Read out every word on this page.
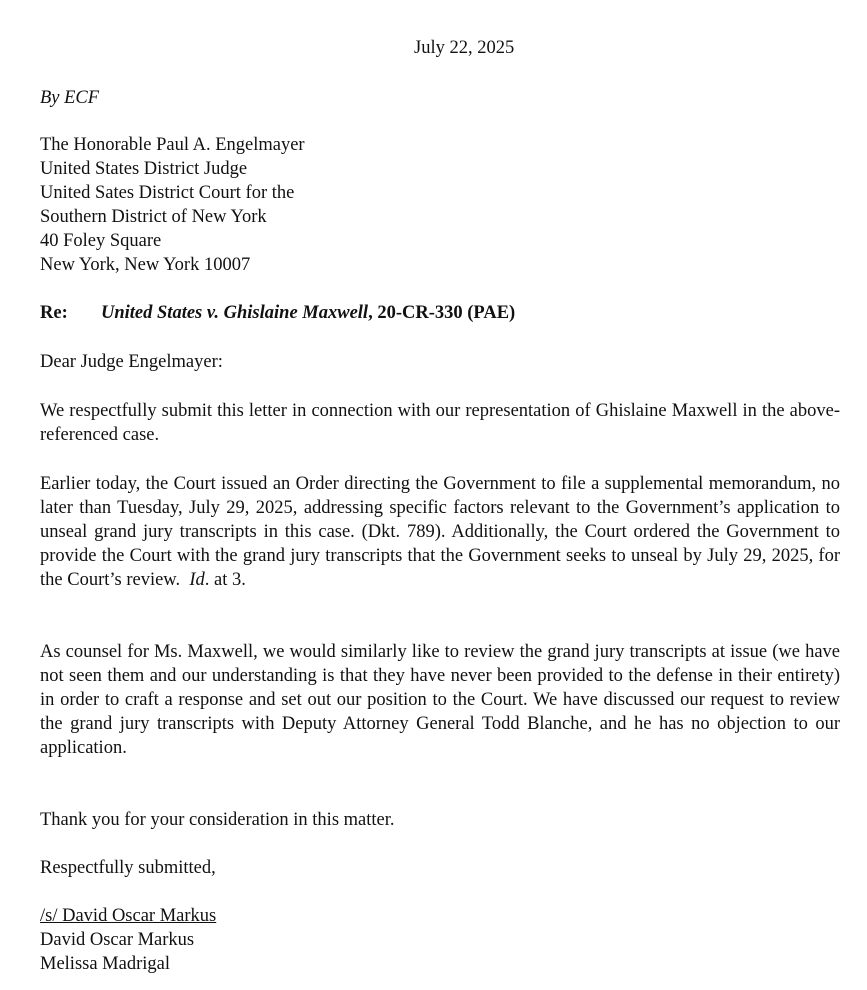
July 22, 2025
By ECF
The Honorable Paul A. Engelmayer
United States District Judge
United Sates District Court for the
Southern District of New York
40 Foley Square
New York, New York 10007
Re: United States v. Ghislaine Maxwell, 20-CR-330 (PAE)
Dear Judge Engelmayer:
We respectfully submit this letter in connection with our representation of Ghislaine Maxwell in the above-referenced case.
Earlier today, the Court issued an Order directing the Government to file a supplemental memorandum, no later than Tuesday, July 29, 2025, addressing specific factors relevant to the Government’s application to unseal grand jury transcripts in this case. (Dkt. 789). Additionally, the Court ordered the Government to provide the Court with the grand jury transcripts that the Government seeks to unseal by July 29, 2025, for the Court’s review. Id. at 3.
As counsel for Ms. Maxwell, we would similarly like to review the grand jury transcripts at issue (we have not seen them and our understanding is that they have never been provided to the defense in their entirety) in order to craft a response and set out our position to the Court. We have discussed our request to review the grand jury transcripts with Deputy Attorney General Todd Blanche, and he has no objection to our application.
Thank you for your consideration in this matter.
Respectfully submitted,
/s/ David Oscar Markus
David Oscar Markus
Melissa Madrigal
